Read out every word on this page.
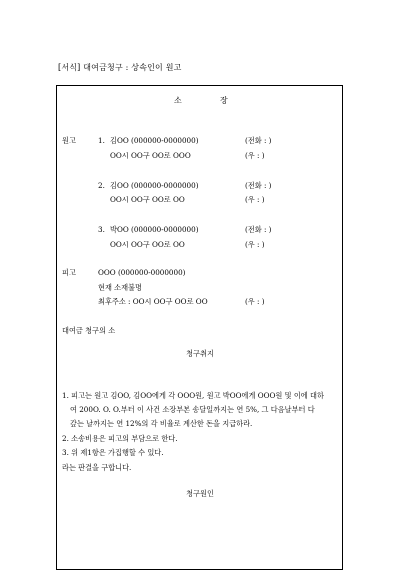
[서식] 대여금청구 : 상속인이 원고
소	장
원고	1. 김OO (000000-0000000)	(전화 : )
OO시 OO구 OO로 OOO	(우 : )
2. 김OO (000000-0000000)	(전화 : )
OO시 OO구 OO로 OO	(우 : )
3. 박OO (000000-0000000)	(전화 : )
OO시 OO구 OO로 OO	(우 : )
피고	OOO (000000-0000000)
현재 소재불명
최후주소 : OO시 OO구 OO로 OO	(우 : )
대여금 청구의 소
청구취지
1. 피고는 원고 김OO, 김OO에게 각 OOO원, 원고 박OO에게 OOO원 및 이에 대하
여 200O. O. O.부터 이 사건 소장부본 송달일까지는 연 5%, 그 다음날부터 다
갚는 날까지는 연 12%의 각 비율로 계산한 돈을 지급하라.
2. 소송비용은 피고의 부담으로 한다.
3. 위 제1항은 가집행할 수 있다.
라는 판결을 구합니다.
청구원인
